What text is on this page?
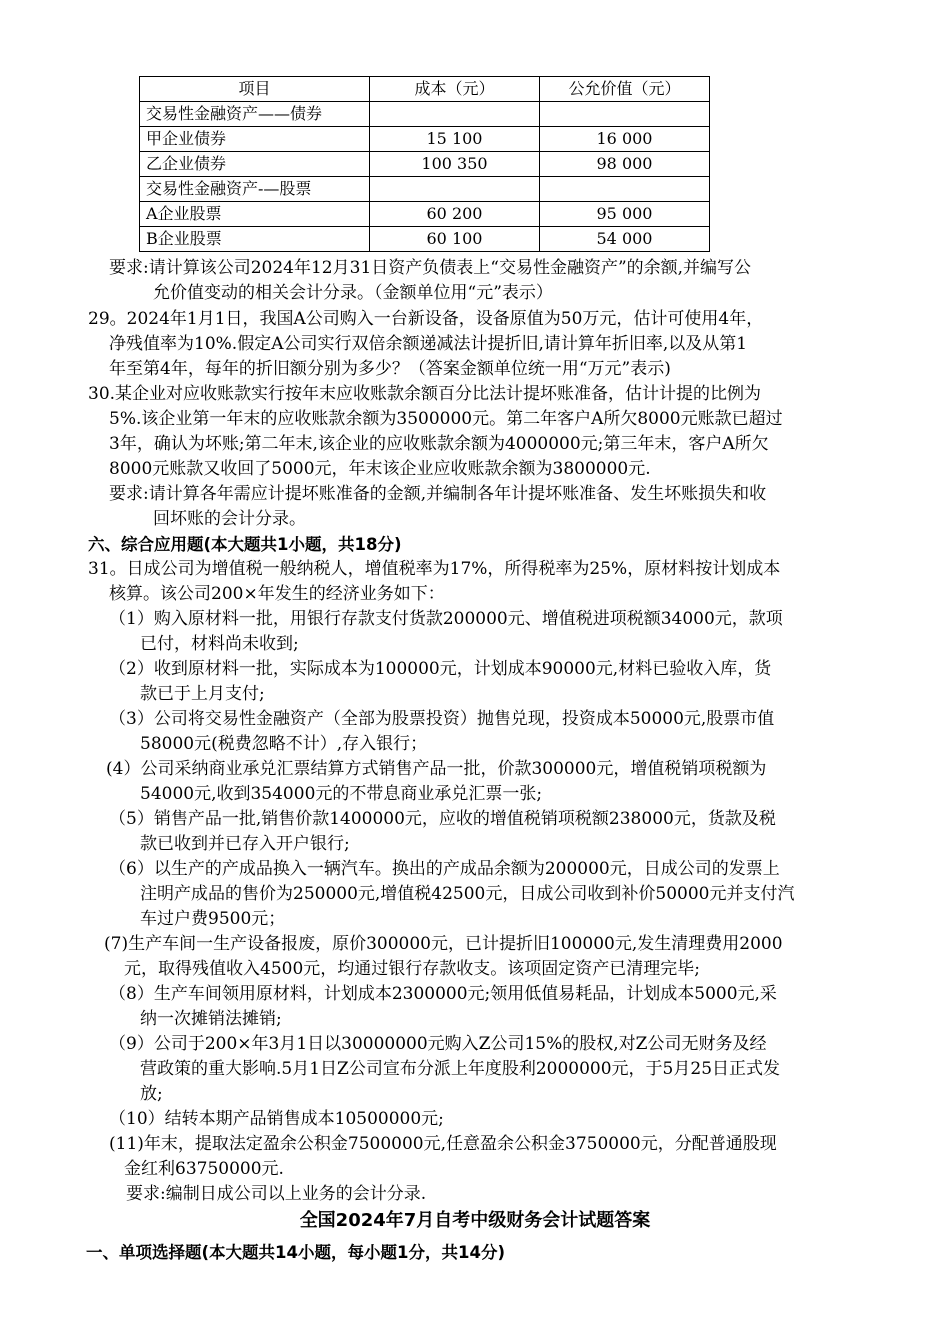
项目	成本（元）	公允价值（元）
交易性金融资产——债券		
甲企业债券	15 100	16 000
乙企业债券	100 350	98 000
交易性金融资产-—股票		
A企业股票	60 200	95 000
B企业股票	60 100	54 000
要求:请计算该公司2024年12月31日资产负债表上“交易性金融资产”的余额,并编写公
允价值变动的相关会计分录。（金额单位用“元”表示）
29。2024年1月1日，我国A公司购入一台新设备，设备原值为50万元，估计可使用4年，
净残值率为10%.假定A公司实行双倍余额递减法计提折旧,请计算年折旧率,以及从第1
年至第4年，每年的折旧额分别为多少？（答案金额单位统一用“万元”表示)
30.某企业对应收账款实行按年末应收账款余额百分比法计提坏账准备，估计计提的比例为
5%.该企业第一年末的应收账款余额为3500000元。第二年客户A所欠8000元账款已超过
3年，确认为坏账;第二年末,该企业的应收账款余额为4000000元;第三年末，客户A所欠
8000元账款又收回了5000元，年末该企业应收账款余额为3800000元.
要求:请计算各年需应计提坏账准备的金额,并编制各年计提坏账准备、发生坏账损失和收
回坏账的会计分录。
六、综合应用题(本大题共1小题，共18分)
31。日成公司为增值税一般纳税人，增值税率为17%，所得税率为25%，原材料按计划成本
核算。该公司200×年发生的经济业务如下：
（1）购入原材料一批，用银行存款支付货款200000元、增值税进项税额34000元，款项
已付，材料尚未收到;
（2）收到原材料一批，实际成本为100000元，计划成本90000元,材料已验收入库，货
款已于上月支付;
（3）公司将交易性金融资产（全部为股票投资）抛售兑现，投资成本50000元,股票市值
58000元(税费忽略不计）,存入银行；
(4）公司采纳商业承兑汇票结算方式销售产品一批，价款300000元，增值税销项税额为
54000元,收到354000元的不带息商业承兑汇票一张;
（5）销售产品一批,销售价款1400000元，应收的增值税销项税额238000元，货款及税
款已收到并已存入开户银行;
（6）以生产的产成品换入一辆汽车。换出的产成品余额为200000元，日成公司的发票上
注明产成品的售价为250000元,增值税42500元，日成公司收到补价50000元并支付汽
车过户费9500元；
(7)生产车间一生产设备报废，原价300000元，已计提折旧100000元,发生清理费用2000
元，取得残值收入4500元，均通过银行存款收支。该项固定资产已清理完毕;
（8）生产车间领用原材料，计划成本2300000元;领用低值易耗品，计划成本5000元,采
纳一次摊销法摊销;
（9）公司于200×年3月1日以30000000元购入Z公司15%的股权,对Z公司无财务及经
营政策的重大影响.5月1日Z公司宣布分派上年度股利2000000元，于5月25日正式发
放;
（10）结转本期产品销售成本10500000元;
(11)年末，提取法定盈余公积金7500000元,任意盈余公积金3750000元，分配普通股现
金红利63750000元.
要求:编制日成公司以上业务的会计分录.
全国2024年7月自考中级财务会计试题答案
一、单项选择题(本大题共14小题，每小题1分，共14分)
